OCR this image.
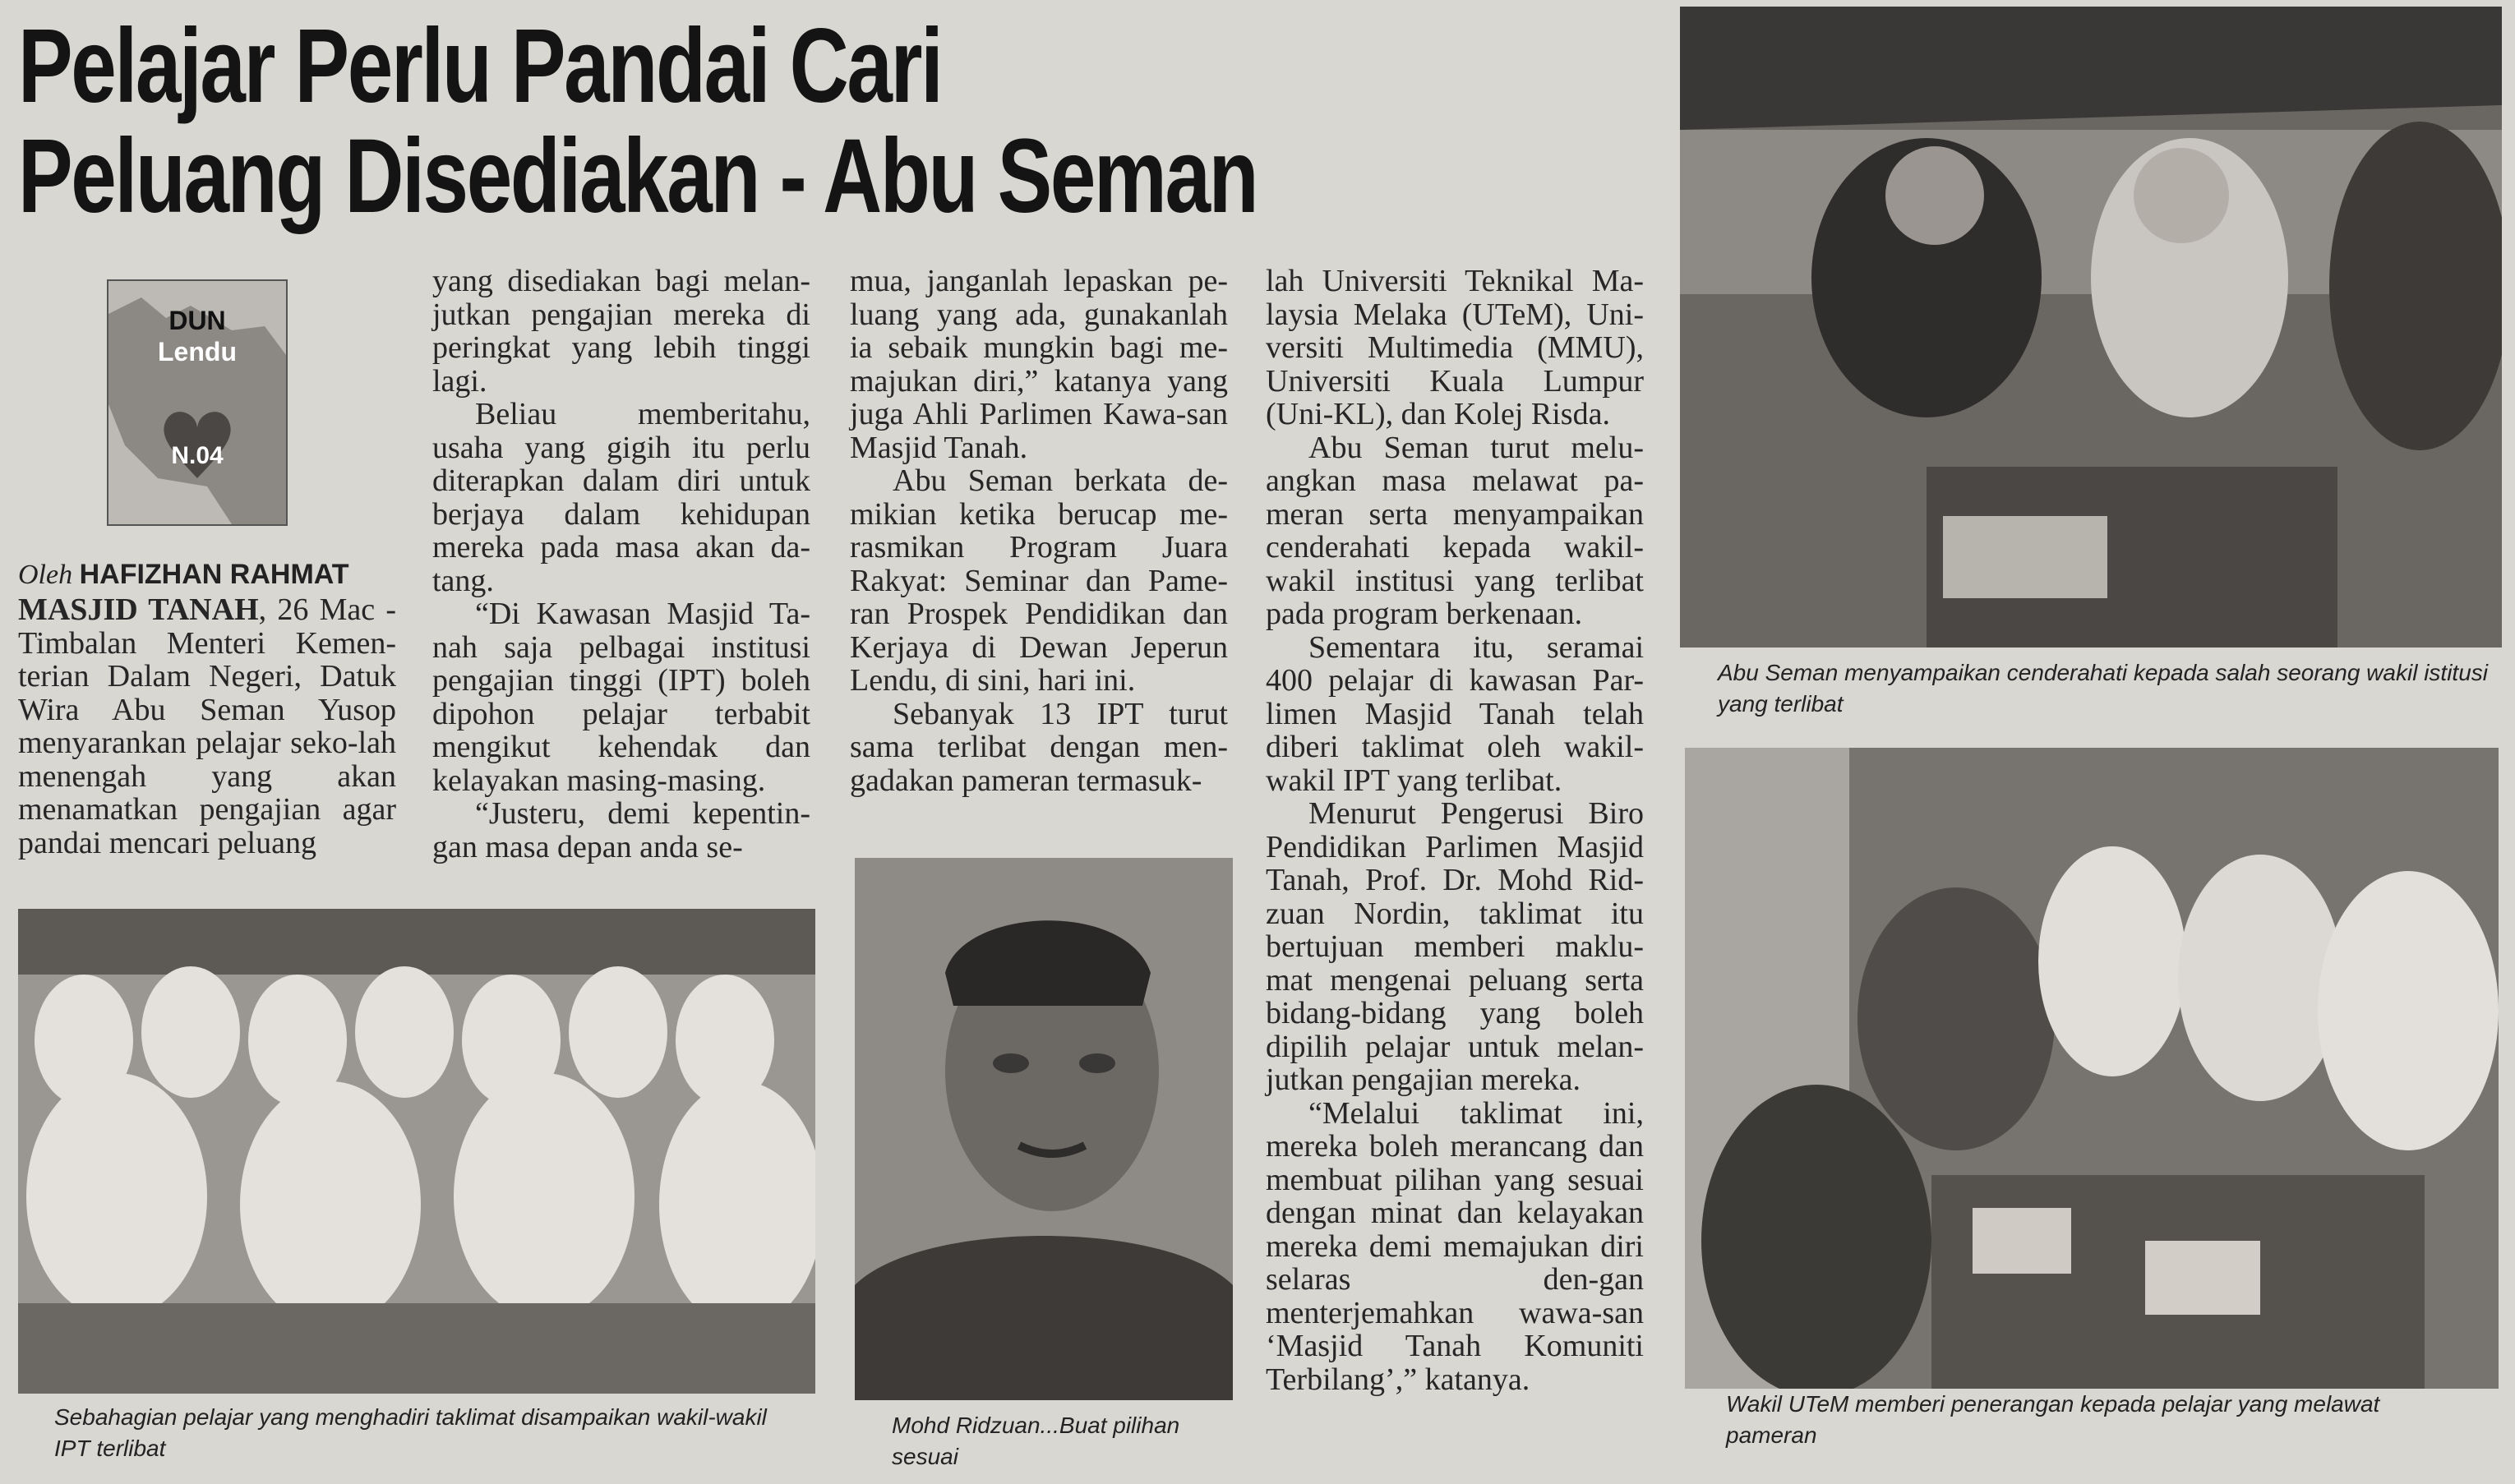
Pelajar Perlu Pandai Cari
Peluang Disediakan - Abu Seman
DUN
Lendu
N.04
Oleh HAFIZHAN RAHMAT

MASJID TANAH, 26 Mac - Timbalan Menteri Kemen-terian Dalam Negeri, Datuk Wira Abu Seman Yusop menyarankan pelajar seko-lah menengah yang akan menamatkan pengajian agar pandai mencari peluang

yang disediakan bagi melan-jutkan pengajian mereka di peringkat yang lebih tinggi lagi.

Beliau memberitahu, usaha yang gigih itu perlu diterapkan dalam diri untuk berjaya dalam kehidupan mereka pada masa akan da-tang.

“Di Kawasan Masjid Ta-nah saja pelbagai institusi pengajian tinggi (IPT) boleh dipohon pelajar terbabit mengikut kehendak dan kelayakan masing-masing.

“Justeru, demi kepentin-gan masa depan anda se-

mua, janganlah lepaskan pe-luang yang ada, gunakanlah ia sebaik mungkin bagi me-majukan diri,” katanya yang juga Ahli Parlimen Kawa-san Masjid Tanah.

Abu Seman berkata de-mikian ketika berucap me-rasmikan Program Juara Rakyat: Seminar dan Pame-ran Prospek Pendidikan dan Kerjaya di Dewan Jeperun Lendu, di sini, hari ini.

Sebanyak 13 IPT turut sama terlibat dengan men-gadakan pameran termasuk-

lah Universiti Teknikal Ma-laysia Melaka (UTeM), Uni-versiti Multimedia (MMU), Universiti Kuala Lumpur (Uni-KL), dan Kolej Risda.

Abu Seman turut melu-angkan masa melawat pa-meran serta menyampaikan cenderahati kepada wakil-wakil institusi yang terlibat pada program berkenaan.

Sementara itu, seramai 400 pelajar di kawasan Par-limen Masjid Tanah telah diberi taklimat oleh wakil-wakil IPT yang terlibat.

Menurut Pengerusi Biro Pendidikan Parlimen Masjid Tanah, Prof. Dr. Mohd Rid-zuan Nordin, taklimat itu bertujuan memberi maklu-mat mengenai peluang serta bidang-bidang yang boleh dipilih pelajar untuk melan-jutkan pengajian mereka.

“Melalui taklimat ini, mereka boleh merancang dan membuat pilihan yang sesuai dengan minat dan kelayakan mereka demi memajukan diri selaras den-gan menterjemahkan wawa-san ‘Masjid Tanah Komuniti Terbilang’,” katanya.

Abu Seman menyampaikan cenderahati kepada salah seorang wakil istitusi yang terlibat
Wakil UTeM memberi penerangan kepada pelajar yang melawat pameran
Sebahagian pelajar yang menghadiri taklimat disampaikan wakil-wakil IPT terlibat
Mohd Ridzuan...Buat pilihan sesuai
